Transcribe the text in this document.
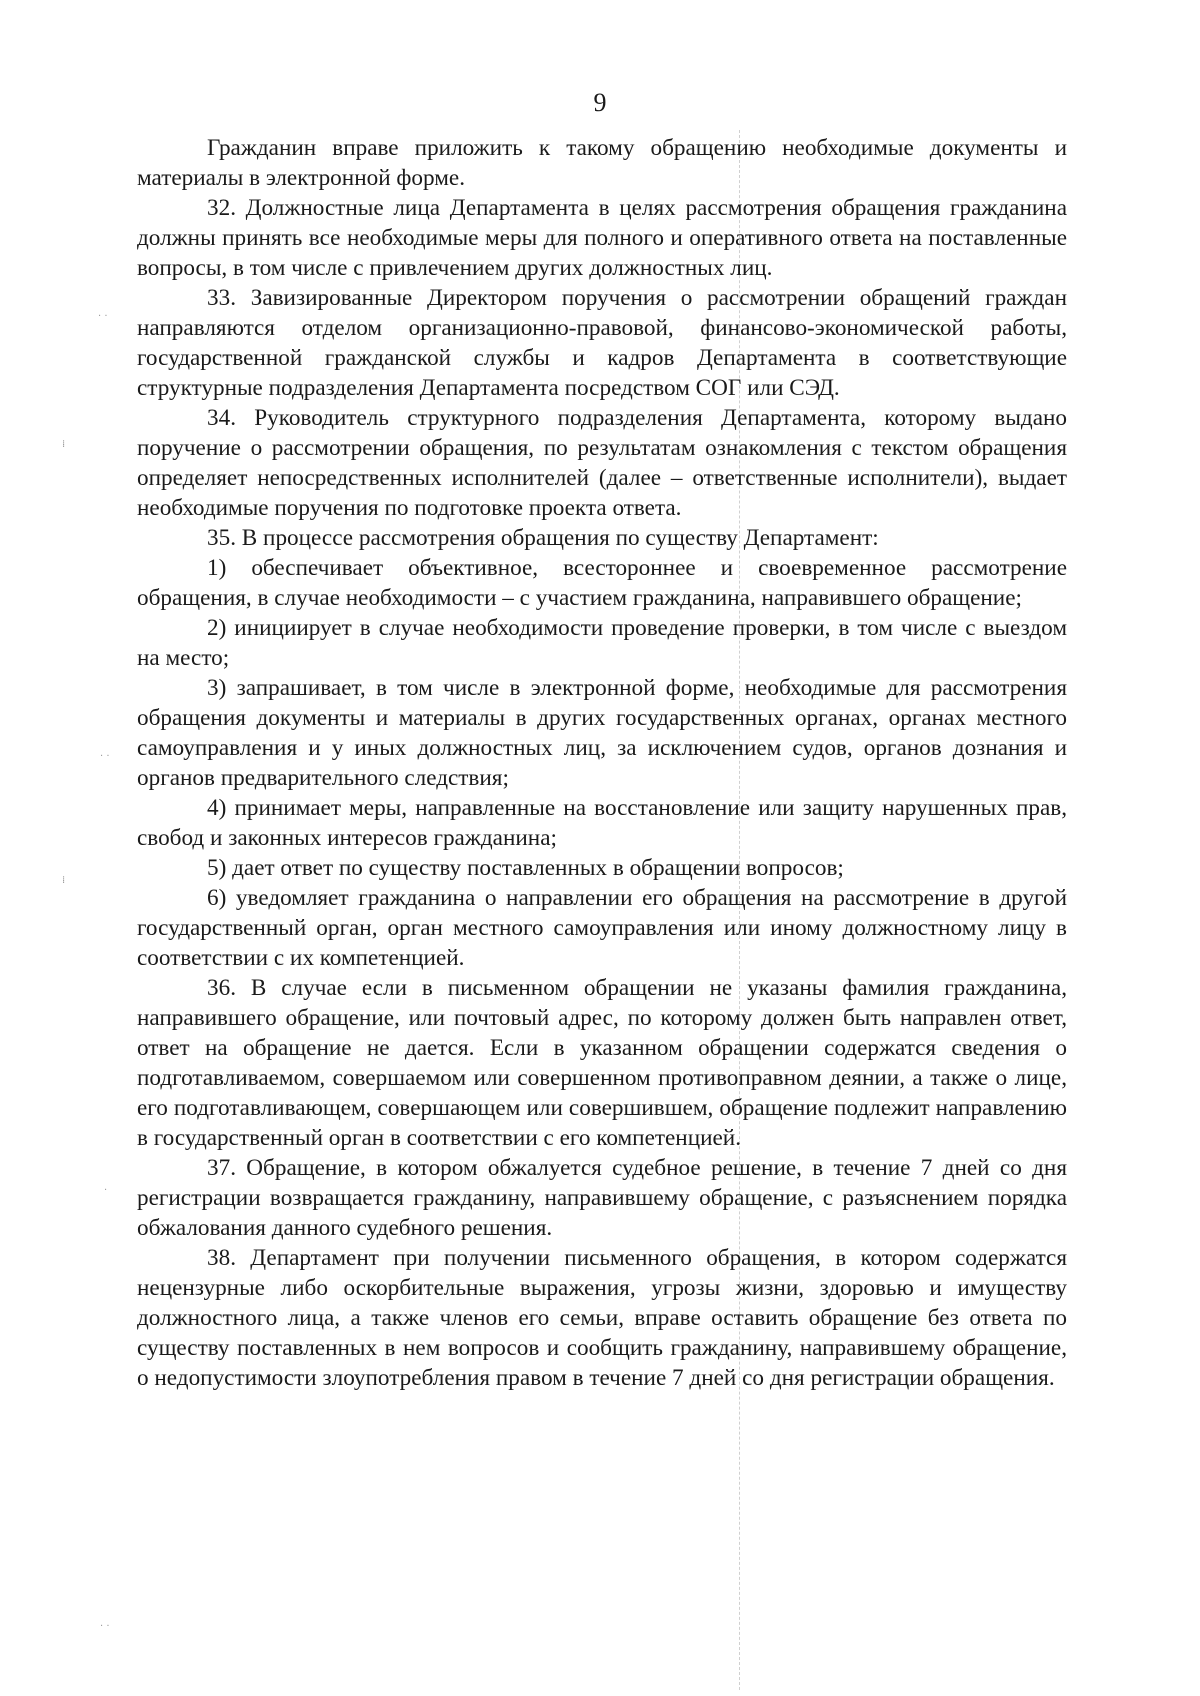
· ·
⁞
· ·
⁞
·
· ·
9

Гражданин вправе приложить к такому обращению необходимые документы и материалы в электронной форме.

32. Должностные лица Департамента в целях рассмотрения обращения гражданина должны принять все необходимые меры для полного и оперативного ответа на поставленные вопросы, в том числе с привлечением других должностных лиц.

33. Завизированные Директором поручения о рассмотрении обращений граждан направляются отделом организационно-правовой, финансово-экономической работы, государственной гражданской службы и кадров Департамента в соответствующие структурные подразделения Департамента посредством СОГ или СЭД.

34. Руководитель структурного подразделения Департамента, которому выдано поручение о рассмотрении обращения, по результатам ознакомления с текстом обращения определяет непосредственных исполнителей (далее – ответственные исполнители), выдает необходимые поручения по подготовке проекта ответа.

35. В процессе рассмотрения обращения по существу Департамент:

1) обеспечивает объективное, всестороннее и своевременное рассмотрение обращения, в случае необходимости – с участием гражданина, направившего обращение;

2) инициирует в случае необходимости проведение проверки, в том числе с выездом на место;

3) запрашивает, в том числе в электронной форме, необходимые для рассмотрения обращения документы и материалы в других государственных органах, органах местного самоуправления и у иных должностных лиц, за исключением судов, органов дознания и органов предварительного следствия;

4) принимает меры, направленные на восстановление или защиту нарушенных прав, свобод и законных интересов гражданина;

5) дает ответ по существу поставленных в обращении вопросов;

6) уведомляет гражданина о направлении его обращения на рассмотрение в другой государственный орган, орган местного самоуправления или иному должностному лицу в соответствии с их компетенцией.

36. В случае если в письменном обращении не указаны фамилия гражданина, направившего обращение, или почтовый адрес, по которому должен быть направлен ответ, ответ на обращение не дается. Если в указанном обращении содержатся сведения о подготавливаемом, совершаемом или совершенном противоправном деянии, а также о лице, его подготавливающем, совершающем или совершившем, обращение подлежит направлению в государственный орган в соответствии с его компетенцией.

37. Обращение, в котором обжалуется судебное решение, в течение 7 дней со дня регистрации возвращается гражданину, направившему обращение, с разъяснением порядка обжалования данного судебного решения.

38. Департамент при получении письменного обращения, в котором содержатся нецензурные либо оскорбительные выражения, угрозы жизни, здоровью и имуществу должностного лица, а также членов его семьи, вправе оставить обращение без ответа по существу поставленных в нем вопросов и сообщить гражданину, направившему обращение, о недопустимости злоупотребления правом в течение 7 дней со дня регистрации обращения.
